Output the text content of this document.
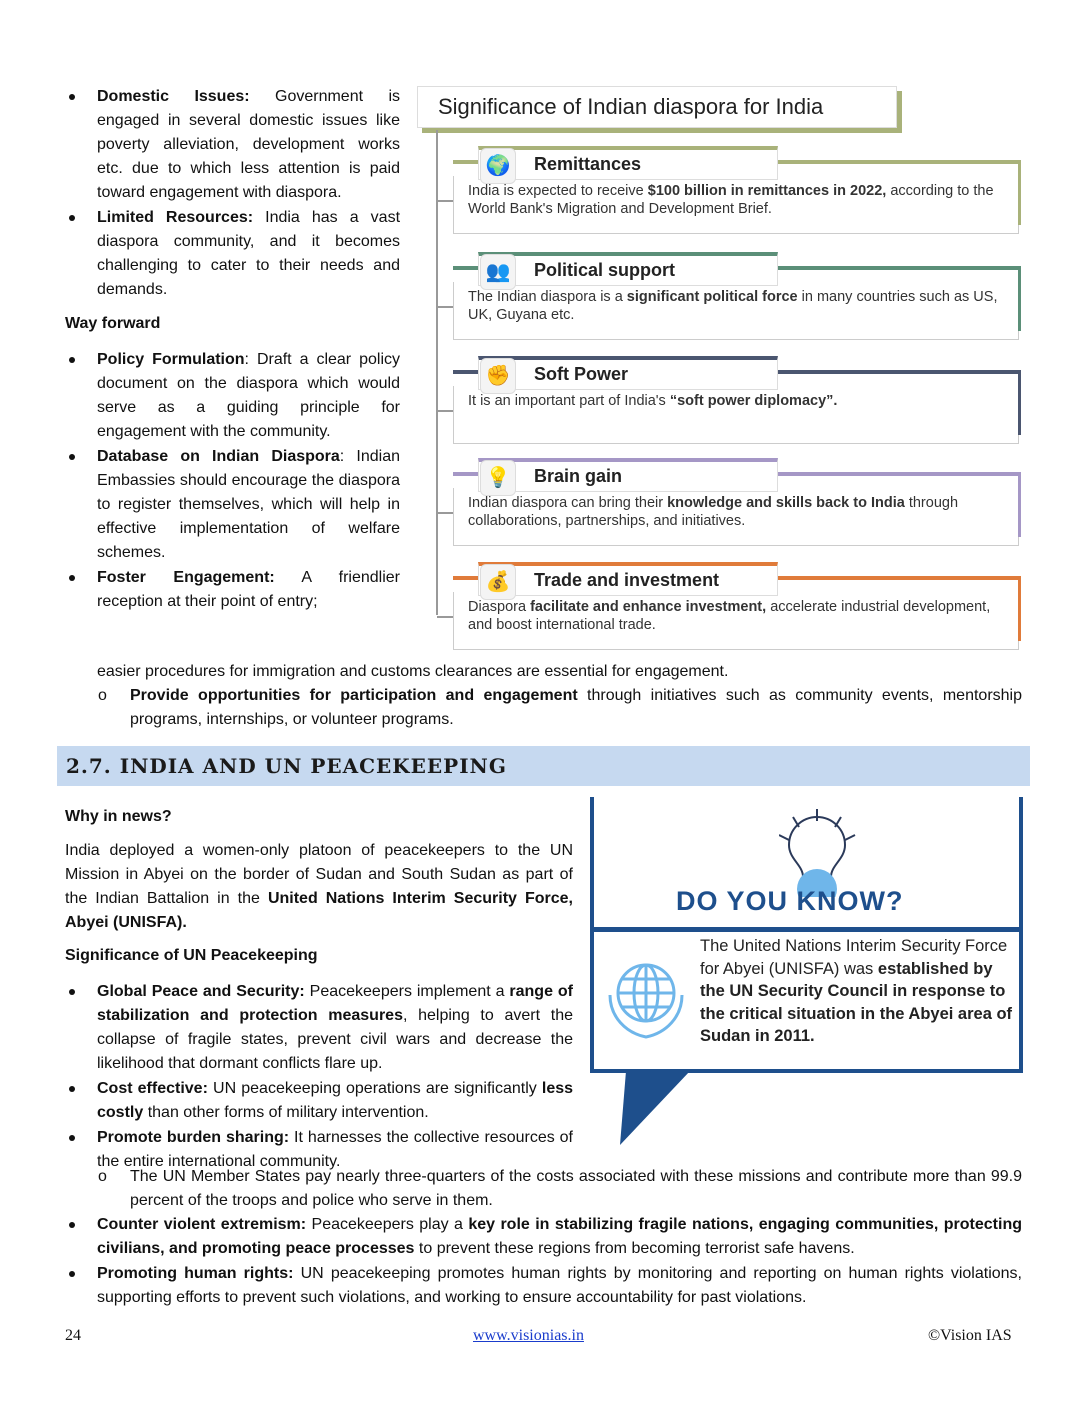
Domestic Issues: Government is engaged in several domestic issues like poverty alleviation, development works etc. due to which less attention is paid toward engagement with diaspora.
Limited Resources: India has a vast diaspora community, and it becomes challenging to cater to their needs and demands.
Way forward
Policy Formulation: Draft a clear policy document on the diaspora which would serve as a guiding principle for engagement with the community.
Database on Indian Diaspora: Indian Embassies should encourage the diaspora to register themselves, which will help in effective implementation of welfare schemes.
Foster Engagement: A friendlier reception at their point of entry;
easier procedures for immigration and customs clearances are essential for engagement.
o Provide opportunities for participation and engagement through initiatives such as community events, mentorship programs, internships, or volunteer programs.
Significance of Indian diaspora for India
Remittances
🌍
India is expected to receive $100 billion in remittances in 2022, according to the World Bank's Migration and Development Brief.
Political support
👥
The Indian diaspora is a significant political force in many countries such as US, UK, Guyana etc.
Soft Power
✊
It is an important part of India's “soft power diplomacy”.
Brain gain
💡
Indian diaspora can bring their knowledge and skills back to India through collaborations, partnerships, and initiatives.
Trade and investment
💰
Diaspora facilitate and enhance investment, accelerate industrial development, and boost international trade.
2.7. INDIA AND UN PEACEKEEPING
Why in news?

India deployed a women-only platoon of peacekeepers to the UN Mission in Abyei on the border of Sudan and South Sudan as part of the Indian Battalion in the United Nations Interim Security Force, Abyei (UNISFA).

Significance of UN Peacekeeping
Global Peace and Security: Peacekeepers implement a range of stabilization and protection measures, helping to avert the collapse of fragile states, prevent civil wars and decrease the likelihood that dormant conflicts flare up.
Cost effective: UN peacekeeping operations are significantly less costly than other forms of military intervention.
Promote burden sharing: It harnesses the collective resources of the entire international community.
o The UN Member States pay nearly three-quarters of the costs associated with these missions and contribute more than 99.9 percent of the troops and police who serve in them.
Counter violent extremism: Peacekeepers play a key role in stabilizing fragile nations, engaging communities, protecting civilians, and promoting peace processes to prevent these regions from becoming terrorist safe havens.
Promoting human rights: UN peacekeeping promotes human rights by monitoring and reporting on human rights violations, supporting efforts to prevent such violations, and working to ensure accountability for past violations.
DO YOU KNOW?

The United Nations Interim Security Force for Abyei (UNISFA) was established by the UN Security Council in response to the critical situation in the Abyei area of Sudan in 2011.

24	www.visionias.in	©Vision IAS
